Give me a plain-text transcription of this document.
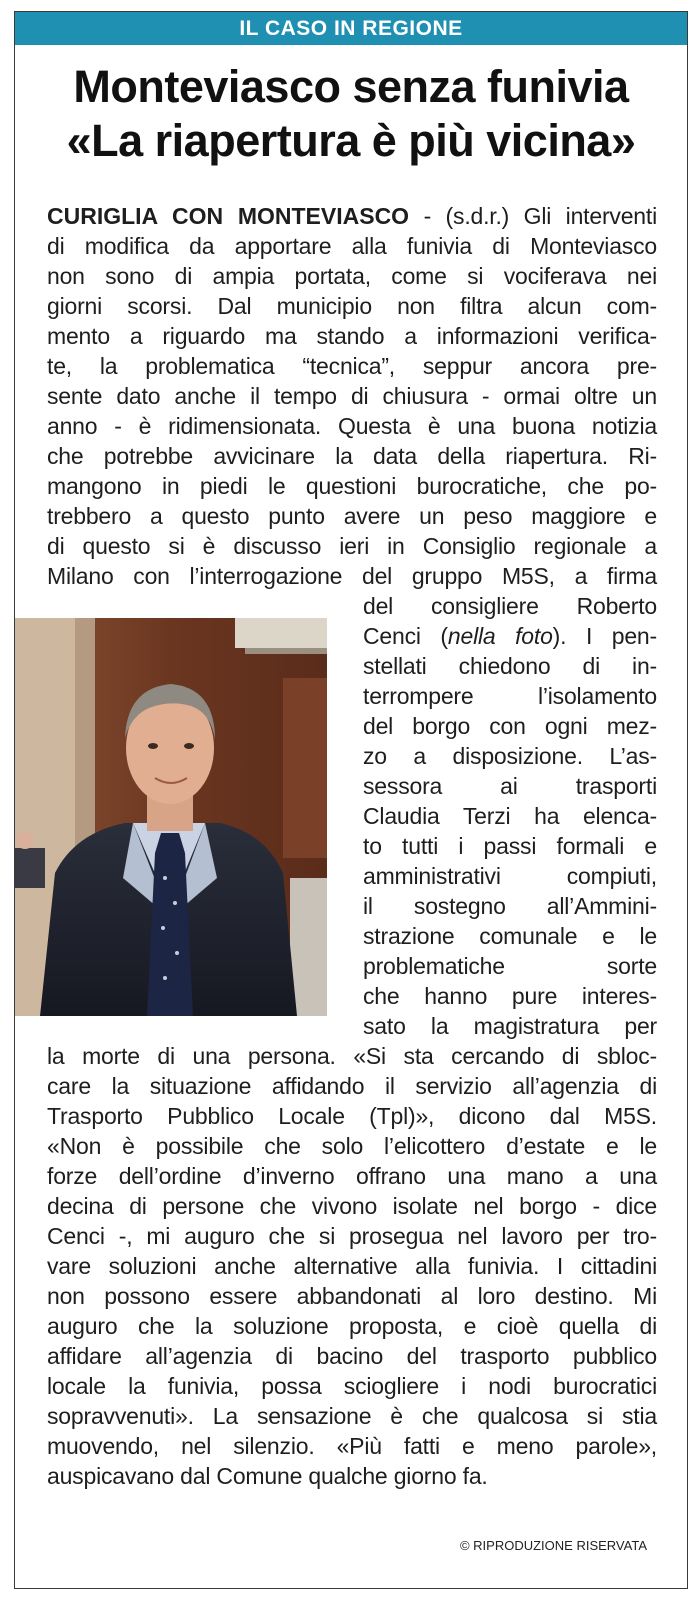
IL CASO IN REGIONE
Monteviasco senza funivia
«La riapertura è più vicina»
CURIGLIA CON MONTEVIASCO - (s.d.r.) Gli interventi
di modifica da apportare alla funivia di Monteviasco
non sono di ampia portata, come si vociferava nei
giorni scorsi. Dal municipio non filtra alcun com-
mento a riguardo ma stando a informazioni verifica-
te, la problematica “tecnica”, seppur ancora pre-
sente dato anche il tempo di chiusura - ormai oltre un
anno - è ridimensionata. Questa è una buona notizia
che potrebbe avvicinare la data della riapertura. Ri-
mangono in piedi le questioni burocratiche, che po-
trebbero a questo punto avere un peso maggiore e
di questo si è discusso ieri in Consiglio regionale a
Milano con l’interrogazione del gruppo M5S, a firma
del consigliere Roberto
Cenci (nella foto). I pen-
stellati chiedono di in-
terrompere l’isolamento
del borgo con ogni mez-
zo a disposizione. L’as-
sessora ai trasporti
Claudia Terzi ha elenca-
to tutti i passi formali e
amministrativi compiuti,
il sostegno all’Ammini-
strazione comunale e le
problematiche sorte
che hanno pure interes-
sato la magistratura per
la morte di una persona. «Si sta cercando di sbloc-
care la situazione affidando il servizio all’agenzia di
Trasporto Pubblico Locale (Tpl)», dicono dal M5S.
«Non è possibile che solo l’elicottero d’estate e le
forze dell’ordine d’inverno offrano una mano a una
decina di persone che vivono isolate nel borgo - dice
Cenci -, mi auguro che si prosegua nel lavoro per tro-
vare soluzioni anche alternative alla funivia. I cittadini
non possono essere abbandonati al loro destino. Mi
auguro che la soluzione proposta, e cioè quella di
affidare all’agenzia di bacino del trasporto pubblico
locale la funivia, possa sciogliere i nodi burocratici
sopravvenuti». La sensazione è che qualcosa si stia
muovendo, nel silenzio. «Più fatti e meno parole»,
auspicavano dal Comune qualche giorno fa.
© RIPRODUZIONE RISERVATA
